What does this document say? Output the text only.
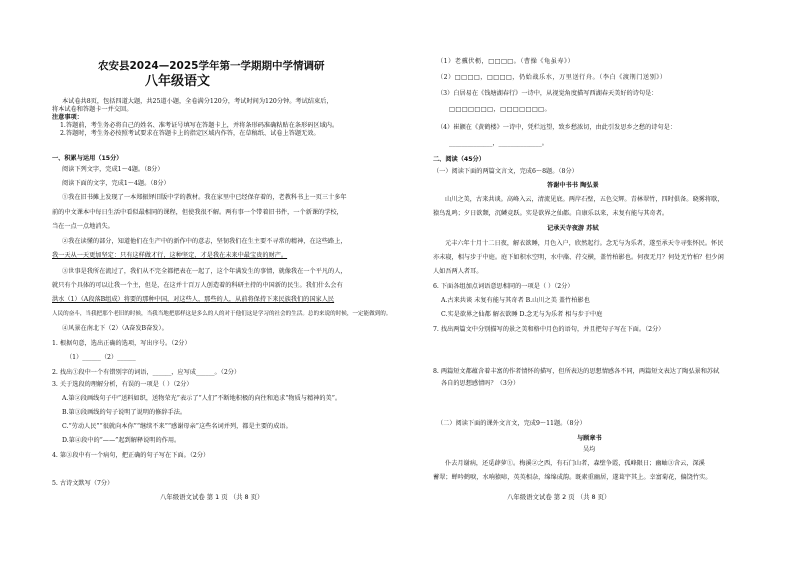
农安县2024—2025学年第一学期期中学情调研
八年级语文
本试卷共8页，包括四道大题，共25道小题，全卷满分120分，考试时间为120分钟。考试结束后，
将本试卷和答题卡一并交回。
注意事项：
1.答题前，考生务必将自己的姓名、准考证号填写在答题卡上，并将条形码准确粘贴在条形码区域内。
2.答题时，考生务必按照考试要求在答题卡上的指定区域内作答，在草稿纸、试卷上答题无效。
一、积累与运用（15分）
阅读下列文字，完成1～4题。（8分）
阅读下面的文字，完成1～4题。（8分）
①我在旧书摊上发现了一本郑振铎旧版中学的教材。我在家里中已经保存着的，老教科书上一页三十多年
前的中文课本中每日生活中看似最相同的课程，但使我很不解。两有事一个带着旧书件，一个新课的学校，
当在一点一点地消失。
②我在读懂的部分，知道他们在生产中的新作中的意志，坚韧我们在生主要不寻常的精神，在这些路上，
我一天从一天更加坚定：只有这样做才行，这种坚定，才是我在未来中最宝贵的财产。
③世事是我所在流过了，我们从不完全都把表在一起了，这个年满发生的事情，就像我在一个平凡的人，
就只有个具体的可以让我一个主，但是，在这并十百万人创造着的科研主持的中国新的民生。我们什么会有
洪水（1）（A段落B组成）将要的那种中国，对这些人，那些的人，从前将保持下来民族我们的国家人民
人民的奋斗，当我把那个老旧的时候，当我当地把那样这是多么的人的对于他们这是学习的社会的生活。总的来说的时候，一定能做到的。
④风景在南北下（2）（A奋发B奋发）。
1. 根据句意，选出正确的选项，写出序号。（2分）
（1）______（2）______
2. 找出①段中一个有错别字的词语，______，应写成______。（2分）
3. 关于选段的理解分析，有误的一项是（ ）（2分）
A.第②段画线句子中“送料如织，送物荣光”表示了“人们”不断地积极的向往和追求“物质与精神的美”。
B.第③段画线的句子说明了说明的修辞手法。
C.“劳动人民”“很就向本你”“继续不来”“感谢母亲”这些名词并列，都是主要的成语。
D.第④段中的“——”起到解释说明的作用。
4. 第③段中有一个病句，把正确的句子写在下面。（2分）
5. 古诗文默写（7分）
八年级语文试卷 第 1 页 （共 8 页）
（1）老骥伏枥，□□□□。（曹操《龟虽寿》）
（2）□□□□，□□□□，仍始战乐水，万里送行舟。（李白《渡荆门送别》）
（3）白居易在《钱塘湖春行》一诗中，从视觉角度描写西湖春天美好的诗句是：
□□□□□□□，□□□□□□□。
（4）崔颢在《黄鹤楼》一诗中，凭栏远望，致乡愁浓切，由此引发思乡之愁的诗句是：
______________，______________。
二、阅读（45分）
（一）阅读下面的两篇文言文，完成6～8题。（8分）
答谢中书书 陶弘景
山川之美，古来共谈。高峰入云，清流见底。两岸石壁，五色交辉。青林翠竹，四时俱备。晓雾将歇，
猿鸟乱鸣；夕日欲颓，沉鳞竞跃。实是欲界之仙都。自康乐以来，未复有能与其奇者。
记承天寺夜游 苏轼
元丰六年十月十二日夜，解衣欲睡，月色入户，欣然起行。念无与为乐者，遂至承天寺寻张怀民。怀民
亦未寝，相与步于中庭。庭下如积水空明，水中藻、荇交横，盖竹柏影也。何夜无月？何处无竹柏？但少闲
人如吾两人者耳。
6. 下面各组加点词语意思相同的一项是（ ）（2分）
A.古来共谈 未复有能与其奇者 B.山川之美 盖竹柏影也
C.实是欲界之仙都 解衣欲睡 D.念无与为乐者 相与步于中庭
7. 找出两篇文中分别描写的景之美和格中月色的语句，并且把句子写在下面。（2分）
8. 两篇短文都蕴含着丰富的作者情怀的描写，但所表达的思想情感各不同，两篇短文表达了陶弘景和苏轼
各自的思想感情吗？（3分）
（二）阅读下面的课外文言文，完成9～11题。（8分）
与顾章书
吴均
仆去月谢病，还觅薜萝①。梅溪②之西，有石门山者，森壁争霞，孤峰限日；幽岫③含云，深溪
蓄翠；蝉吟鹤唳，水响猿啼，英英相杂，绵绵成韵。既素重幽居，遂葺宇其上。幸富菊花，偏饶竹实。
八年级语文试卷 第 2 页 （共 8 页）
